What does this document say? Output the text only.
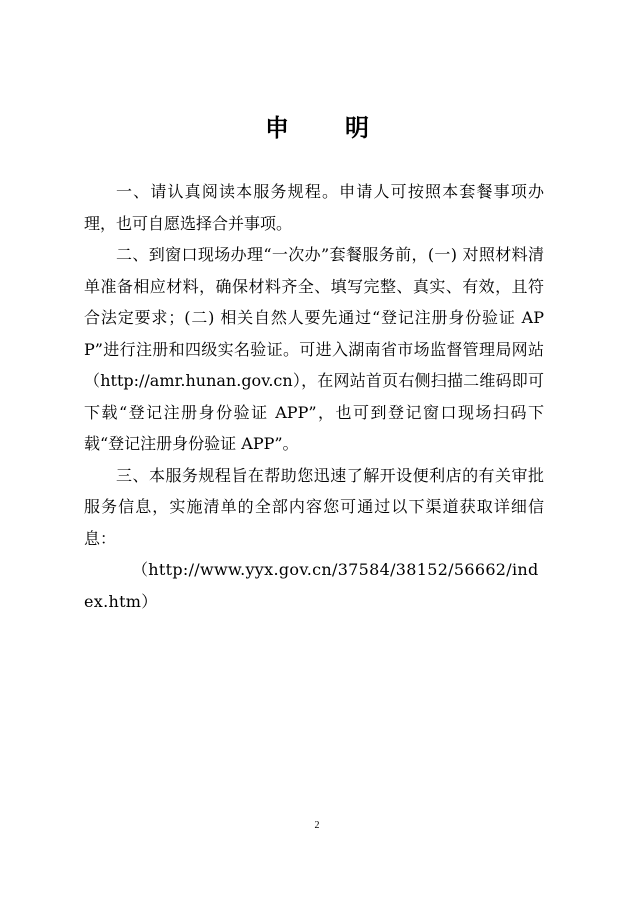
申　明

一、请认真阅读本服务规程。申请人可按照本套餐事项办理，也可自愿选择合并事项。

二、到窗口现场办理“一次办”套餐服务前，(一) 对照材料清单准备相应材料，确保材料齐全、填写完整、真实、有效，且符合法定要求；(二) 相关自然人要先通过“登记注册身份验证 APP”进行注册和四级实名验证。可进入湖南省市场监督管理局网站（http://amr.hunan.gov.cn），在网站首页右侧扫描二维码即可下载“登记注册身份验证 APP”，也可到登记窗口现场扫码下载“登记注册身份验证 APP”。

三、本服务规程旨在帮助您迅速了解开设便利店的有关审批服务信息，实施清单的全部内容您可通过以下渠道获取详细信息：

（http://www.yyx.gov.cn/37584/38152/56662/index.htm）

2
